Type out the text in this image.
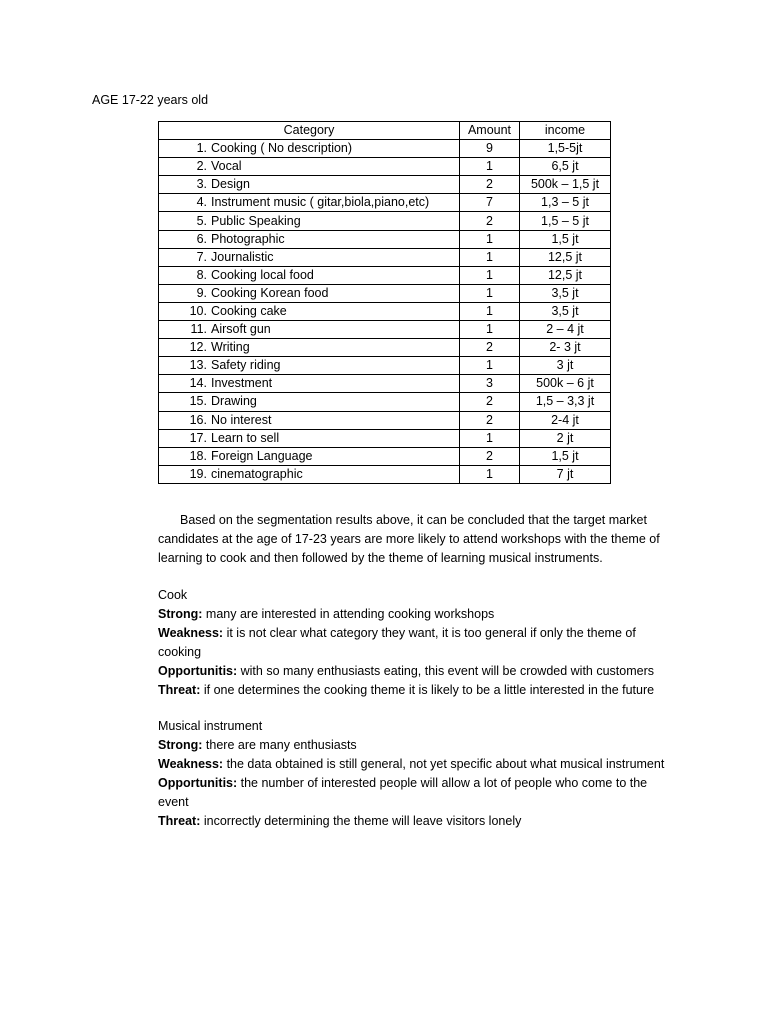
AGE 17-22 years old
Category	Amount	income
1. Cooking ( No description)	9	1,5-5jt
2. Vocal	1	6,5 jt
3. Design	2	500k – 1,5 jt
4. Instrument music ( gitar,biola,piano,etc)	7	1,3 – 5 jt
5. Public Speaking	2	1,5 – 5 jt
6. Photographic	1	1,5 jt
7. Journalistic	1	12,5 jt
8. Cooking local food	1	12,5 jt
9. Cooking Korean food	1	3,5 jt
10. Cooking cake	1	3,5 jt
11. Airsoft gun	1	2 – 4 jt
12. Writing	2	2- 3 jt
13. Safety riding	1	3 jt
14. Investment	3	500k – 6 jt
15. Drawing	2	1,5 – 3,3 jt
16. No interest	2	2-4 jt
17. Learn to sell	1	2 jt
18. Foreign Language	2	1,5 jt
19. cinematographic	1	7 jt

Based on the segmentation results above, it can be concluded that the target market candidates at the age of 17-23 years are more likely to attend workshops with the theme of learning to cook and then followed by the theme of learning musical instruments.

Cook

Strong: many are interested in attending cooking workshops

Weakness: it is not clear what category they want, it is too general if only the theme of cooking

Opportunitis: with so many enthusiasts eating, this event will be crowded with customers

Threat: if one determines the cooking theme it is likely to be a little interested in the future

Musical instrument

Strong: there are many enthusiasts

Weakness: the data obtained is still general, not yet specific about what musical instrument

Opportunitis: the number of interested people will allow a lot of people who come to the event

Threat: incorrectly determining the theme will leave visitors lonely
